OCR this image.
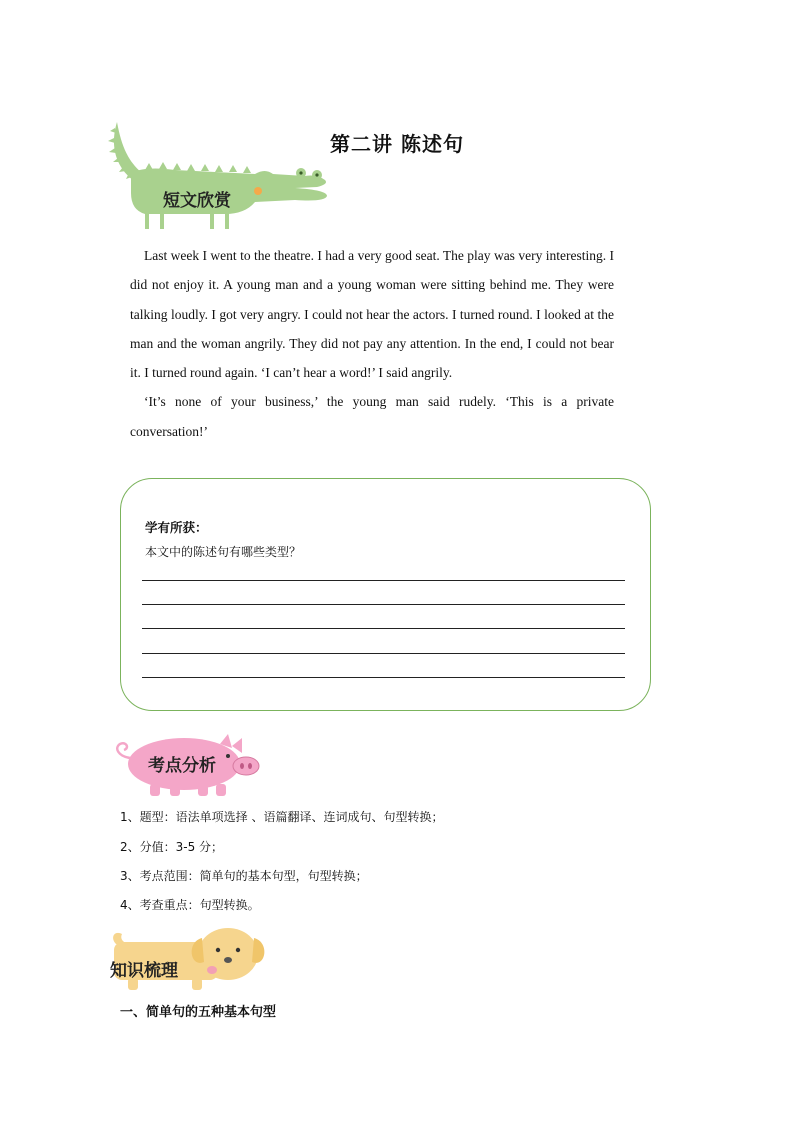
第二讲 陈述句
短文欣赏

Last week I went to the theatre. I had a very good seat. The play was very interesting. I did not enjoy it. A young man and a young woman were sitting behind me. They were talking loudly. I got very angry. I could not hear the actors. I turned round. I looked at the man and the woman angrily. They did not pay any attention. In the end, I could not bear it. I turned round again. ‘I can’t hear a word!’ I said angrily.

‘It’s none of your business,’ the young man said rudely. ‘This is a private conversation!’

学有所获：
本文中的陈述句有哪些类型？
考点分析
1、题型：语法单项选择 、语篇翻译、连词成句、句型转换；
2、分值：3-5 分；
3、考点范围：简单句的基本句型，句型转换；
4、考查重点：句型转换。
知识梳理
一、简单句的五种基本句型
